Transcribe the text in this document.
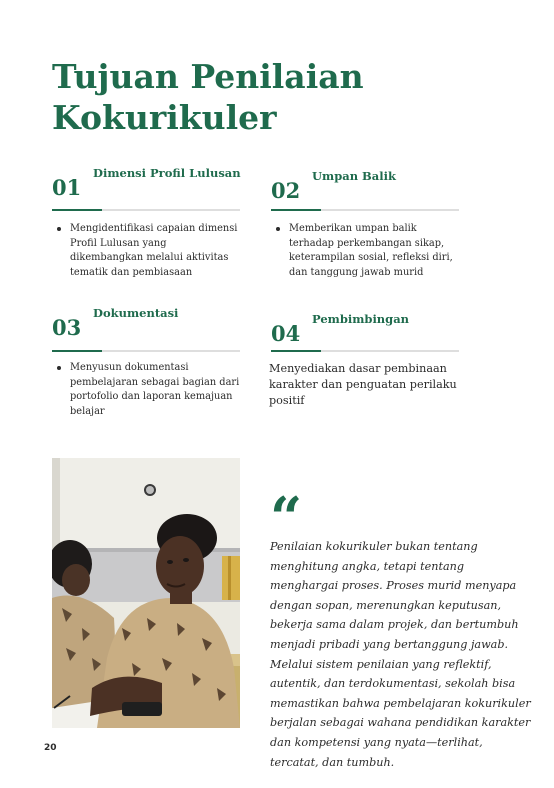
Tujuan Penilaian
Kokurikuler
01
Dimensi Profil Lulusan
Mengidentifikasi capaian dimensi Profil Lulusan yang dikembangkan melalui aktivitas tematik dan pembiasaan
02
Umpan Balik
Memberikan umpan balik terhadap perkembangan sikap, keterampilan sosial, refleksi diri, dan tanggung jawab murid
03
Dokumentasi
Menyusun dokumentasi pembelajaran sebagai bagian dari portofolio dan laporan kemajuan belajar
04
Pembimbingan
Menyediakan dasar pembinaan karakter dan penguatan perilaku positif
“

Penilaian kokurikuler bukan tentang menghitung angka, tetapi tentang menghargai proses. Proses murid menyapa dengan sopan, merenungkan keputusan, bekerja sama dalam projek, dan bertumbuh menjadi pribadi yang bertanggung jawab. Melalui sistem penilaian yang reflektif, autentik, dan terdokumentasi, sekolah bisa memastikan bahwa pembelajaran kokurikuler berjalan sebagai wahana pendidikan karakter dan kompetensi yang nyata—terlihat, tercatat, dan tumbuh.

20
